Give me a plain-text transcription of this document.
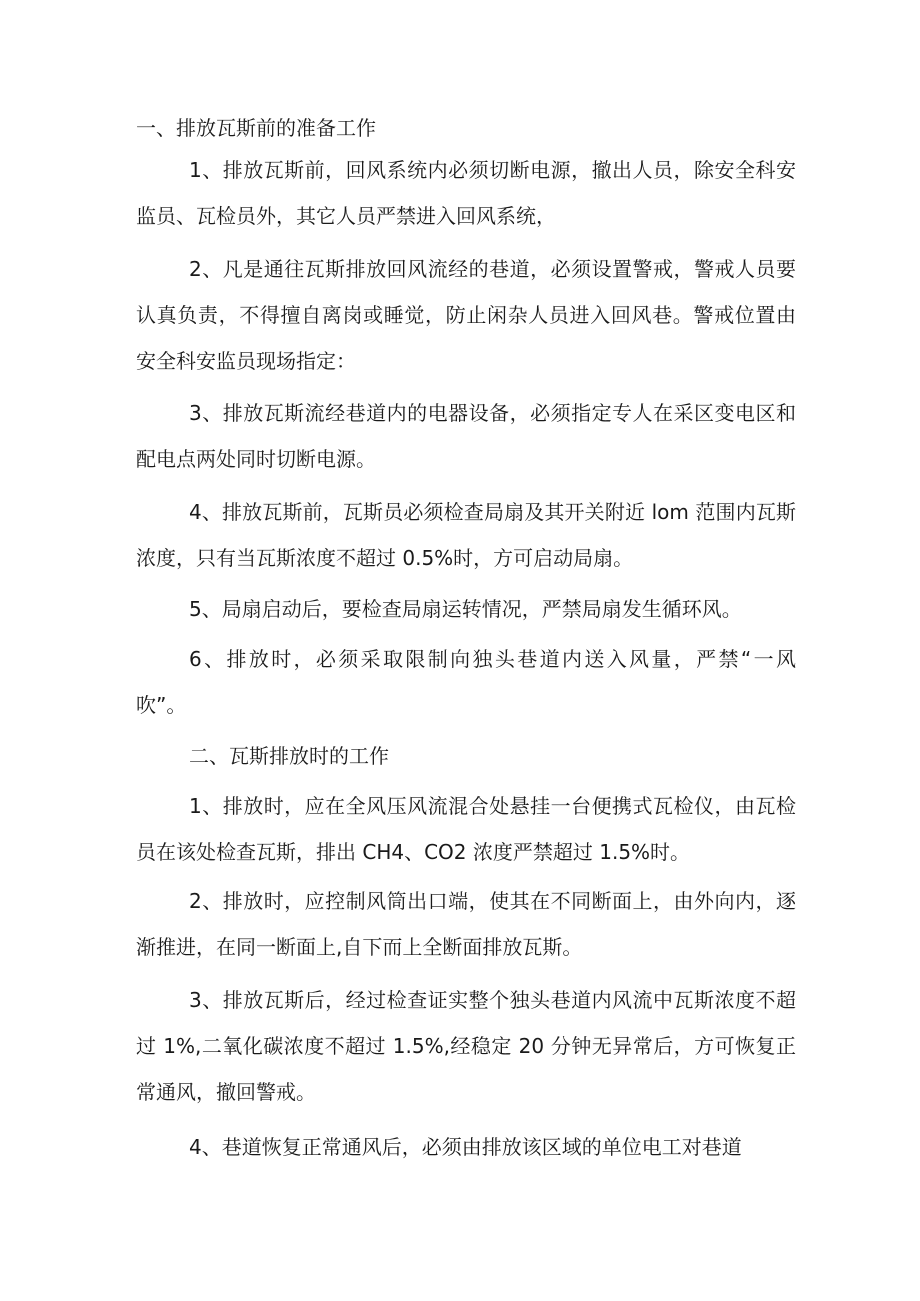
一、排放瓦斯前的准备工作
1、排放瓦斯前，回风系统内必须切断电源，撤出人员，除安全科安
监员、瓦检员外，其它人员严禁进入回风系统，
2、凡是通往瓦斯排放回风流经的巷道，必须设置警戒，警戒人员要
认真负责，不得擅自离岗或睡觉，防止闲杂人员进入回风巷。警戒位置由
安全科安监员现场指定：
3、排放瓦斯流经巷道内的电器设备，必须指定专人在采区变电区和
配电点两处同时切断电源。
4、排放瓦斯前，瓦斯员必须检查局扇及其开关附近 lom 范围内瓦斯
浓度，只有当瓦斯浓度不超过 0.5%时，方可启动局扇。
5、局扇启动后，要检查局扇运转情况，严禁局扇发生循环风。
6、排放时，必须采取限制向独头巷道内送入风量，严禁“一风
吹”。
二、瓦斯排放时的工作
1、排放时，应在全风压风流混合处悬挂一台便携式瓦检仪，由瓦检
员在该处检查瓦斯，排出 CH4、CO2 浓度严禁超过 1.5%时。
2、排放时，应控制风筒出口端，使其在不同断面上，由外向内，逐
渐推进，在同一断面上,自下而上全断面排放瓦斯。
3、排放瓦斯后，经过检查证实整个独头巷道内风流中瓦斯浓度不超
过 1%,二氧化碳浓度不超过 1.5%,经稳定 20 分钟无异常后，方可恢复正
常通风，撤回警戒。
4、巷道恢复正常通风后，必须由排放该区域的单位电工对巷道
